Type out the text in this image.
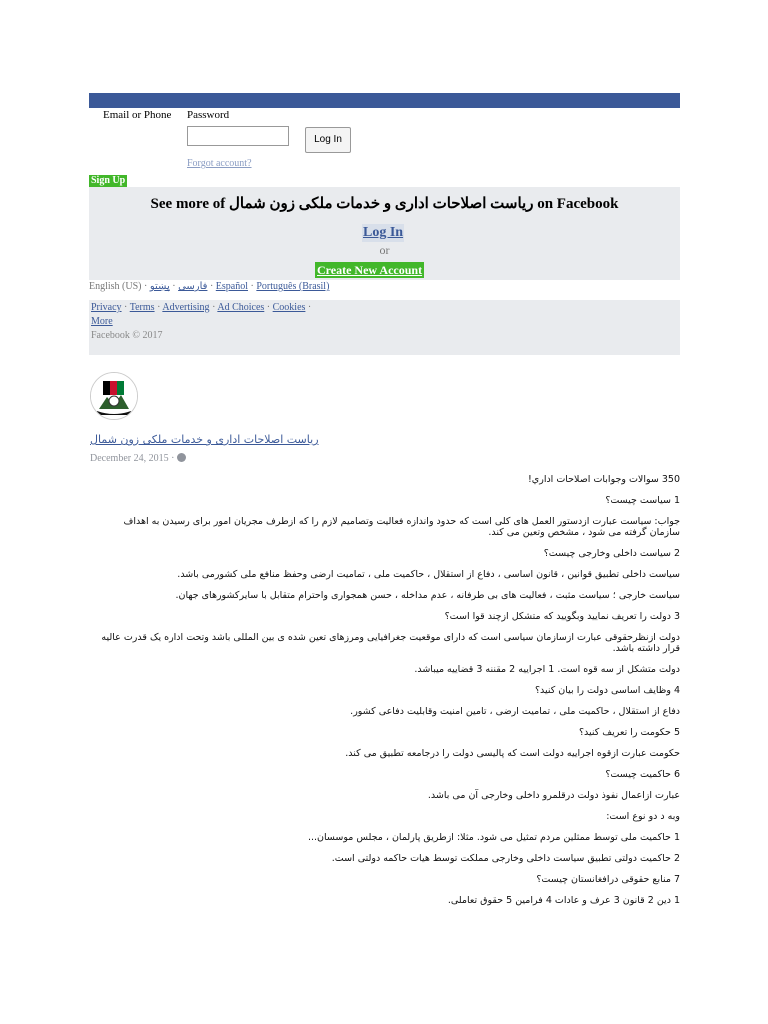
Email or Phone Password
Log In
Forgot account?
Sign Up
See more of ریاست اصلاحات اداری و خدمات ملکی زون شمال on Facebook
Log In
or
Create New Account
English (US) ·	فارسی · پښتو	· Español · Português (Brasil)
Privacy · Terms · Advertising · Ad Choices · Cookies ·
More
Facebook © 2017
ریاست اصلاحات اداری و خدمات ملکی زون شمال
December 24, 2015 ·

350 سوالات وجوابات اصلاحات اداري!

1 سیاست چیست؟

جواب: سیاست عبارت ازدستور العمل های کلی است که حدود واندازه فعالیت وتصامیم لازم را که ازطرف مجریان امور برای رسیدن به اهداف سازمان گرفته می شود ، مشخص وتعین می کند.

2 سیاست داخلی وخارجی چیست؟

سیاست داخلی تطبیق قوانین ، قانون اساسی ، دفاع از استقلال ، حاکمیت ملی ، تمامیت ارضی وحفظ منافع ملی کشورمی باشد.

سیاست خارجی ؛ سیاست مثبت ، فعالیت های بی طرفانه ، عدم مداخله ، حسن همجواری واحترام متقابل با سایرکشورهای جهان.

3 دولت را تعریف نمایید وبگویید که متشکل ازچند قوا است؟

دولت ازنظرحقوقی عبارت ازسازمان سیاسی است که دارای موقعیت جغرافیایی ومرزهای تعین شده ی بین المللی باشد وتحت اداره یک قدرت عالیه قرار داشته باشد.

دولت متشکل از سه قوه است. 1 اجراییه 2 مقننه 3 قضاییه میباشد.

4 وظایف اساسی دولت را بیان کنید؟

دفاع از استقلال ، حاکمیت ملی ، تمامیت ارضی ، تامین امنیت وقابلیت دفاعی کشور.

5 حکومت را تعریف کنید؟

حکومت عبارت ازقوه اجراییه دولت است که پالیسی دولت را درجامعه تطبیق می کند.

6 حاکمیت چیست؟

عبارت ازاعمال نفوذ دولت درقلمرو داخلی وخارجی آن می باشد.

وبه د دو نوع است:

1 حاکمیت ملی توسط ممثلین مردم تمثیل می شود. مثلا: ازطریق پارلمان ، مجلس موسسان...

2 حاکمیت دولتی تطبیق سیاست داخلی وخارجی مملکت توسط هیات حاکمه دولتی است.

7 منابع حقوقی درافغانستان چیست؟

1 دین 2 قانون 3 عرف و عادات 4 فرامین 5 حقوق تعاملی.
